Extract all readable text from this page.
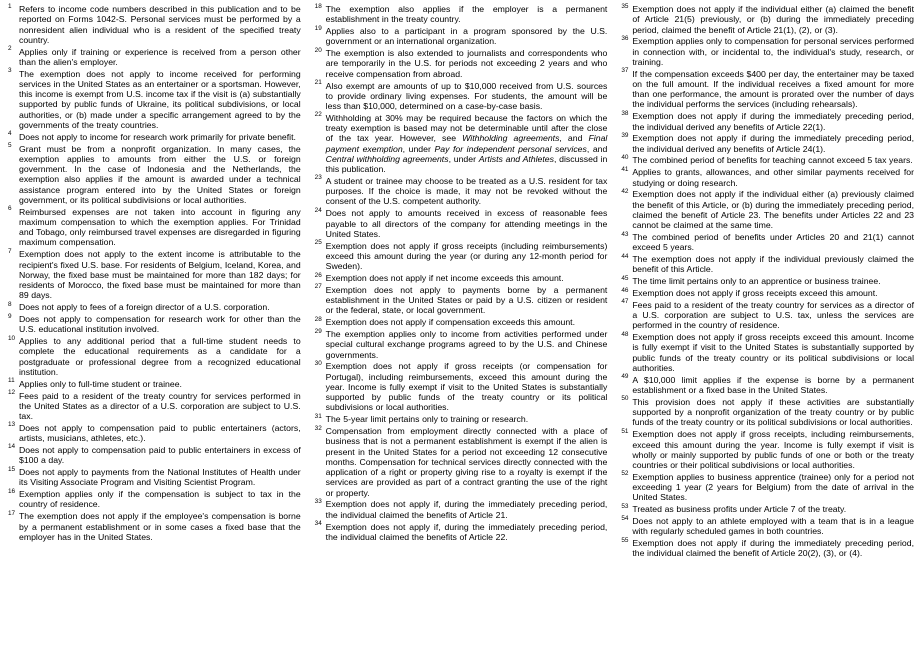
1 Refers to income code numbers described in this publication and to be reported on Forms 1042-S. Personal services must be performed by a nonresident alien individual who is a resident of the specified treaty country.
2 Applies only if training or experience is received from a person other than the alien's employer.
3 The exemption does not apply to income received for performing services in the United States as an entertainer or a sportsman. However, this income is exempt from U.S. income tax if the visit is (a) substantially supported by public funds of Ukraine, its political subdivisions, or local authorities, or (b) made under a specific arrangement agreed to by the governments of the treaty countries.
4 Does not apply to income for research work primarily for private benefit.
5 Grant must be from a nonprofit organization. In many cases, the exemption applies to amounts from either the U.S. or foreign government. In the case of Indonesia and the Netherlands, the exemption also applies if the amount is awarded under a technical assistance program entered into by the United States or foreign government, or its political subdivisions or local authorities.
6 Reimbursed expenses are not taken into account in figuring any maximum compensation to which the exemption applies. For Trinidad and Tobago, only reimbursed travel expenses are disregarded in figuring maximum compensation.
7 Exemption does not apply to the extent income is attributable to the recipient's fixed U.S. base. For residents of Belgium, Iceland, Korea, and Norway, the fixed base must be maintained for more than 182 days; for residents of Morocco, the fixed base must be maintained for more than 89 days.
8 Does not apply to fees of a foreign director of a U.S. corporation.
9 Does not apply to compensation for research work for other than the U.S. educational institution involved.
10 Applies to any additional period that a full-time student needs to complete the educational requirements as a candidate for a postgraduate or professional degree from a recognized educational institution.
11 Applies only to full-time student or trainee.
12 Fees paid to a resident of the treaty country for services performed in the United States as a director of a U.S. corporation are subject to U.S. tax.
13 Does not apply to compensation paid to public entertainers (actors, artists, musicians, athletes, etc.).
14 Does not apply to compensation paid to public entertainers in excess of $100 a day.
15 Does not apply to payments from the National Institutes of Health under its Visiting Associate Program and Visiting Scientist Program.
16 Exemption applies only if the compensation is subject to tax in the country of residence.
17 The exemption does not apply if the employee's compensation is borne by a permanent establishment or in some cases a fixed base that the employer has in the United States.
18 The exemption also applies if the employer is a permanent establishment in the treaty country.
19 Applies also to a participant in a program sponsored by the U.S. government or an international organization.
20 The exemption is also extended to journalists and correspondents who are temporarily in the U.S. for periods not exceeding 2 years and who receive compensation from abroad.
21 Also exempt are amounts of up to $10,000 received from U.S. sources to provide ordinary living expenses. For students, the amount will be less than $10,000, determined on a case-by-case basis.
22 Withholding at 30% may be required because the factors on which the treaty exemption is based may not be determinable until after the close of the tax year. However, see Withholding agreements, and Final payment exemption, under Pay for independent personal services, and Central withholding agreements, under Artists and Athletes, discussed in this publication.
23 A student or trainee may choose to be treated as a U.S. resident for tax purposes. If the choice is made, it may not be revoked without the consent of the U.S. competent authority.
24 Does not apply to amounts received in excess of reasonable fees payable to all directors of the company for attending meetings in the United States.
25 Exemption does not apply if gross receipts (including reimbursements) exceed this amount during the year (or during any 12-month period for Sweden).
26 Exemption does not apply if net income exceeds this amount.
27 Exemption does not apply to payments borne by a permanent establishment in the United States or paid by a U.S. citizen or resident or the federal, state, or local government.
28 Exemption does not apply if compensation exceeds this amount.
29 The exemption applies only to income from activities performed under special cultural exchange programs agreed to by the U.S. and Chinese governments.
30 Exemption does not apply if gross receipts (or compensation for Portugal), including reimbursements, exceed this amount during the year. Income is fully exempt if visit to the United States is substantially supported by public funds of the treaty country or its political subdivisions or local authorities.
31 The 5-year limit pertains only to training or research.
32 Compensation from employment directly connected with a place of business that is not a permanent establishment is exempt if the alien is present in the United States for a period not exceeding 12 consecutive months. Compensation for technical services directly connected with the application of a right or property giving rise to a royalty is exempt if the services are provided as part of a contract granting the use of the right or property.
33 Exemption does not apply if, during the immediately preceding period, the individual claimed the benefits of Article 21.
34 Exemption does not apply if, during the immediately preceding period, the individual claimed the benefits of Article 22.
35 Exemption does not apply if the individual either (a) claimed the benefit of Article 21(5) previously, or (b) during the immediately preceding period, claimed the benefit of Article 21(1), (2), or (3).
36 Exemption applies only to compensation for personal services performed in connection with, or incidental to, the individual's study, research, or training.
37 If the compensation exceeds $400 per day, the entertainer may be taxed on the full amount. If the individual receives a fixed amount for more than one performance, the amount is prorated over the number of days the individual performs the services (including rehearsals).
38 Exemption does not apply if during the immediately preceding period, the individual derived any benefits of Article 22(1).
39 Exemption does not apply if during the immediately preceding period, the individual derived any benefits of Article 24(1).
40 The combined period of benefits for teaching cannot exceed 5 tax years.
41 Applies to grants, allowances, and other similar payments received for studying or doing research.
42 Exemption does not apply if the individual either (a) previously claimed the benefit of this Article, or (b) during the immediately preceding period, claimed the benefit of Article 23. The benefits under Articles 22 and 23 cannot be claimed at the same time.
43 The combined period of benefits under Articles 20 and 21(1) cannot exceed 5 years.
44 The exemption does not apply if the individual previously claimed the benefit of this Article.
45 The time limit pertains only to an apprentice or business trainee.
46 Exemption does not apply if gross receipts exceed this amount.
47 Fees paid to a resident of the treaty country for services as a director of a U.S. corporation are subject to U.S. tax, unless the services are performed in the country of residence.
48 Exemption does not apply if gross receipts exceed this amount. Income is fully exempt if visit to the United States is substantially supported by public funds of the treaty country or its political subdivisions or local authorities.
49 A $10,000 limit applies if the expense is borne by a permanent establishment or a fixed base in the United States.
50 This provision does not apply if these activities are substantially supported by a nonprofit organization of the treaty country or by public funds of the treaty country or its political subdivisions or local authorities.
51 Exemption does not apply if gross receipts, including reimbursements, exceed this amount during the year. Income is fully exempt if visit is wholly or mainly supported by public funds of one or both or the treaty countries or their political subdivisions or local authorities.
52 Exemption applies to business apprentice (trainee) only for a period not exceeding 1 year (2 years for Belgium) from the date of arrival in the United States.
53 Treated as business profits under Article 7 of the treaty.
54 Does not apply to an athlete employed with a team that is in a league with regularly scheduled games in both countries.
55 Exemption does not apply if during the immediately preceding period, the individual claimed the benefit of Article 20(2), (3), or (4).
